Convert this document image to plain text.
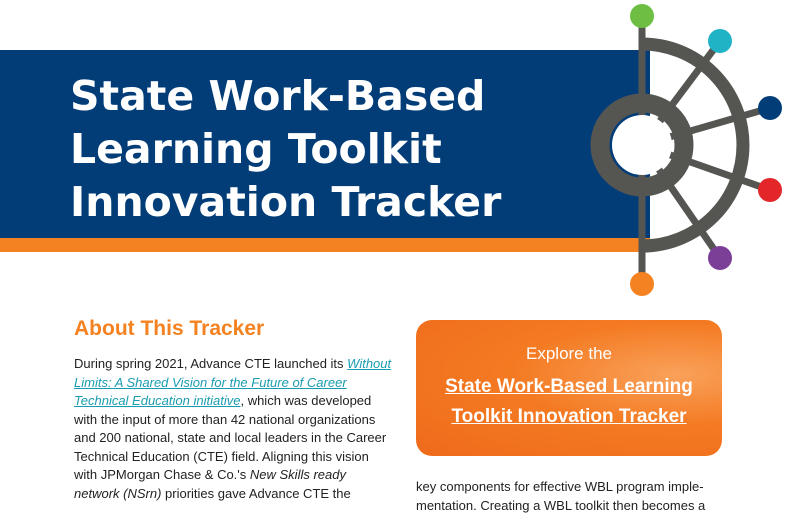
State Work-Based
Learning Toolkit
Innovation Tracker
About This Tracker

During spring 2021, Advance CTE launched its Without Limits: A Shared Vision for the Future of Career Technical Education initiative, which was developed with the input of more than 42 national organizations and 200 national, state and local leaders in the Career Technical Education (CTE) field. Aligning this vision with JPMorgan Chase & Co.'s New Skills ready network (NSrn) priorities gave Advance CTE the

Explore the
State Work-Based Learning
Toolkit Innovation Tracker
key components for effective WBL program imple-
mentation. Creating a WBL toolkit then becomes a
